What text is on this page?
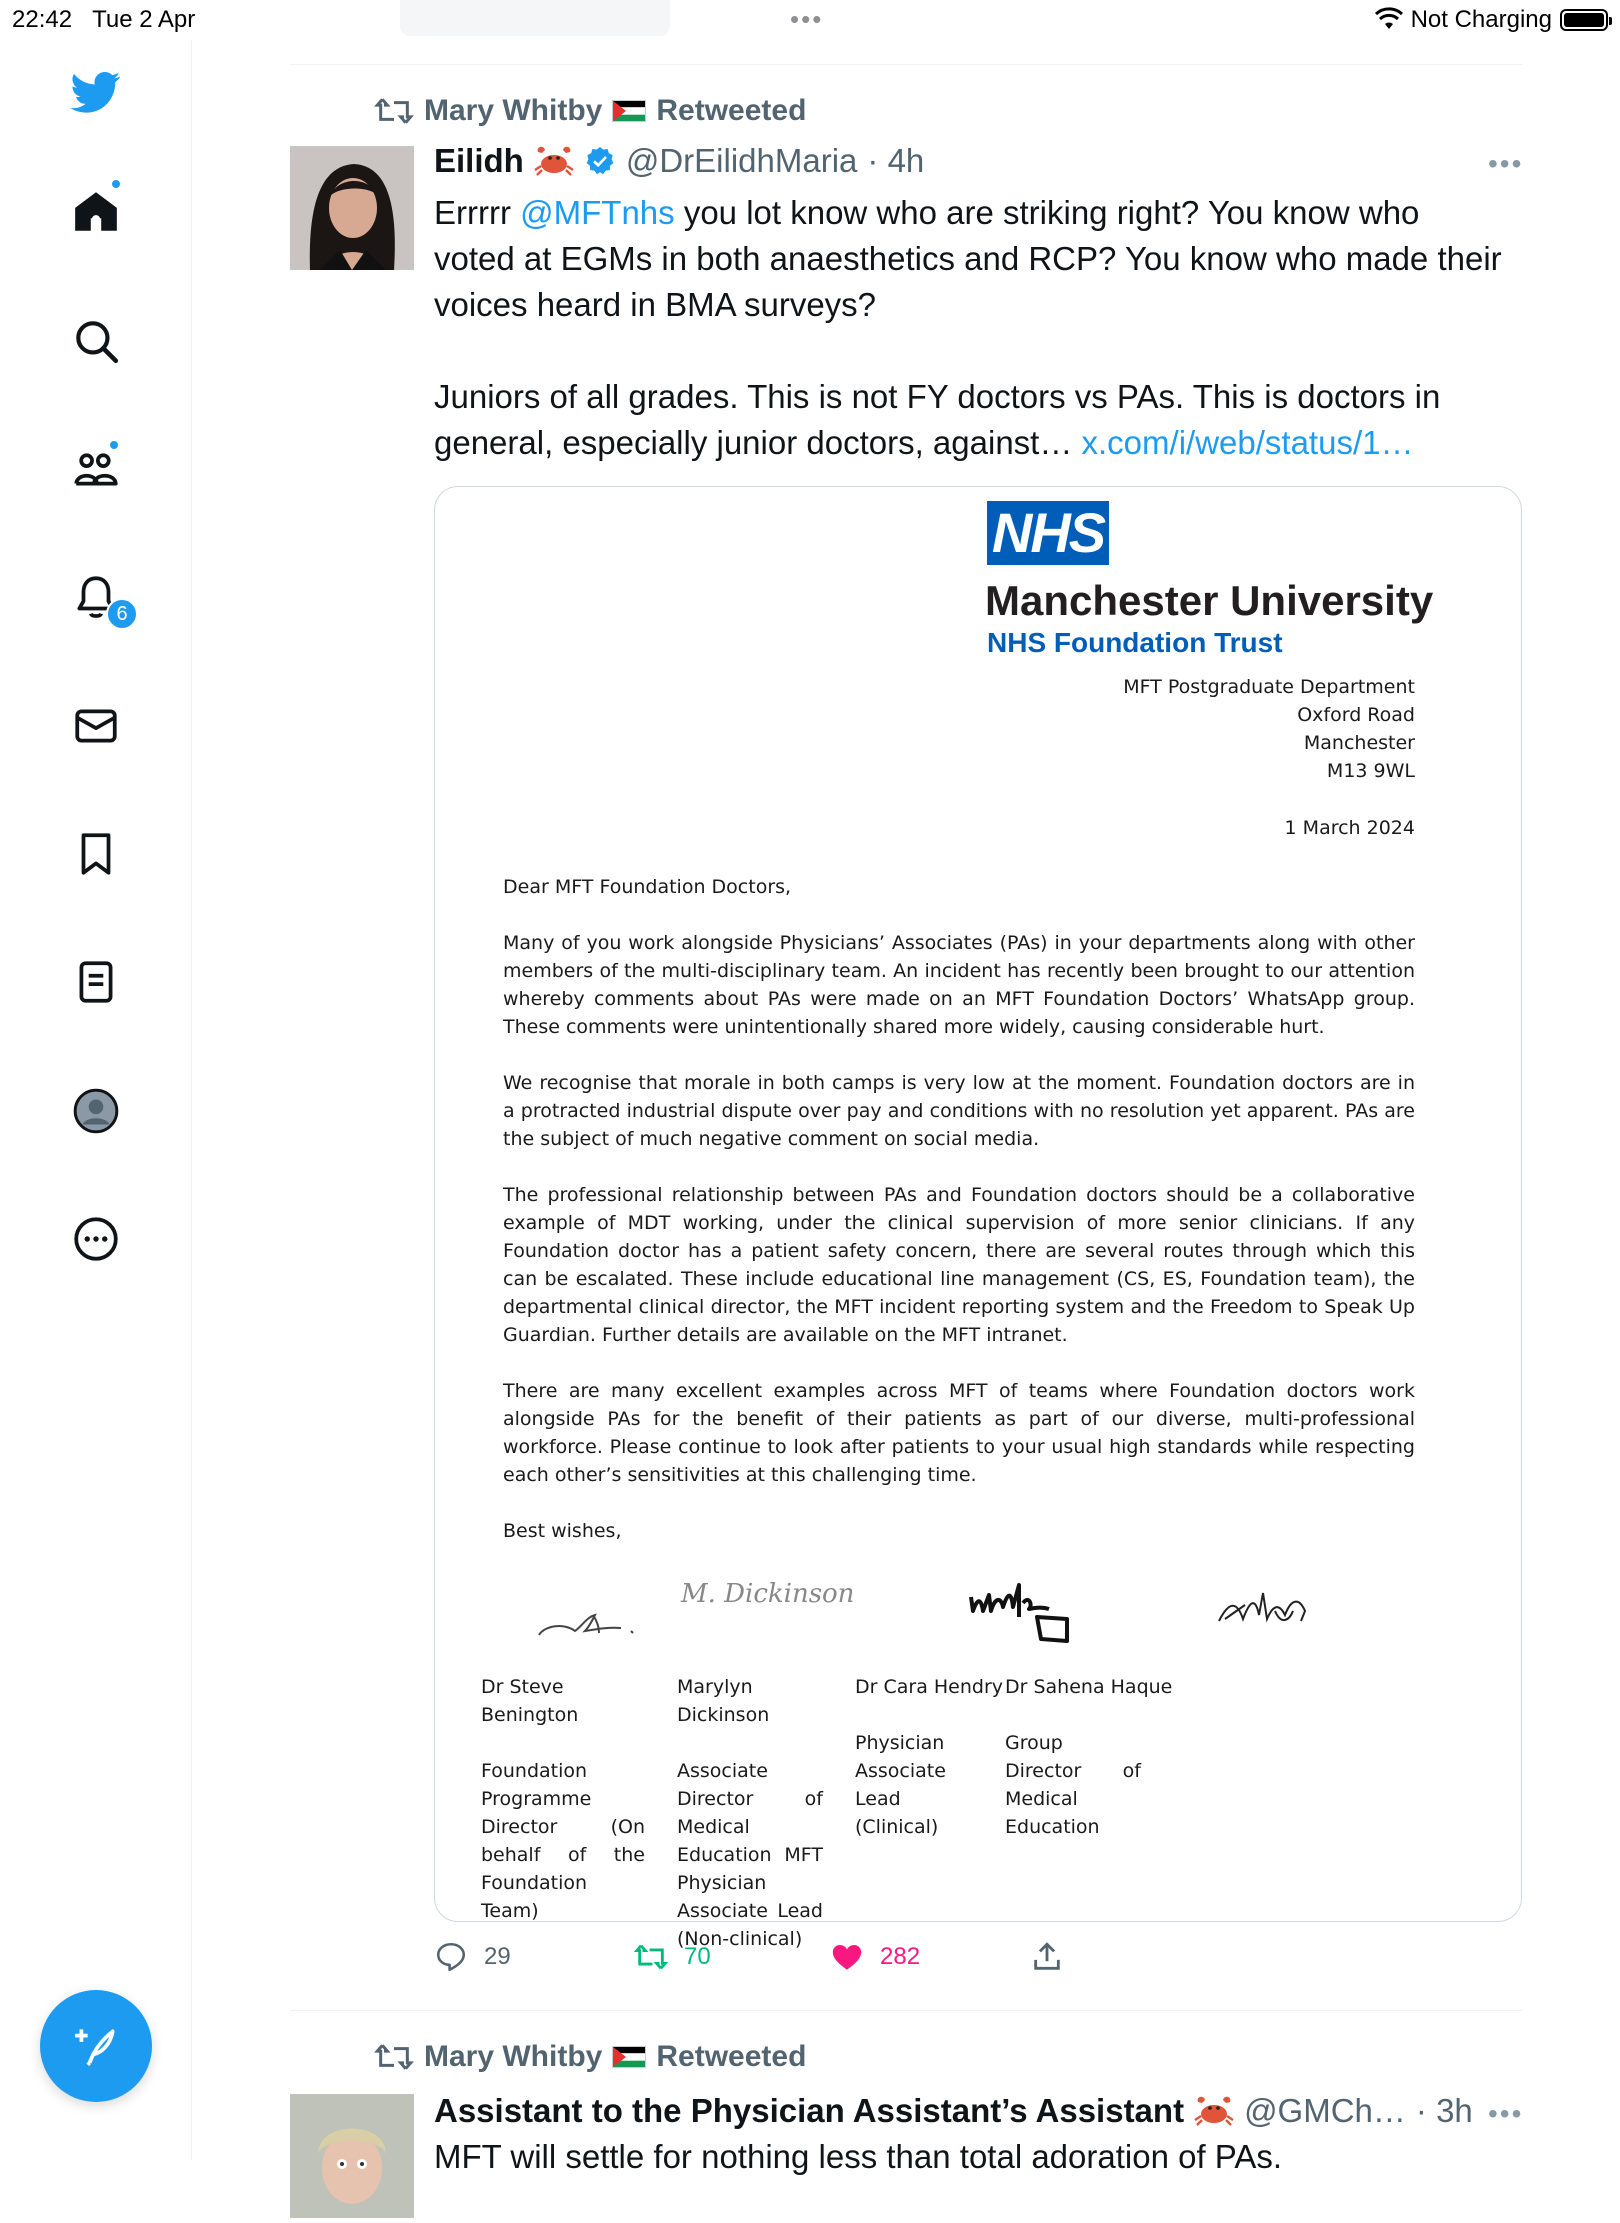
22:42 Tue 2 Apr	•••	Not Charging
6
Mary Whitby Retweeted
Eilidh	@DrEilidhMaria · 4h	•••

Errrrr @MFTnhs you lot know who are striking right? You know who voted at EGMs in both anaesthetics and RCP? You know who made their voices heard in BMA surveys?

Juniors of all grades. This is not FY doctors vs PAs. This is doctors in general, especially junior doctors, against… x.com/i/web/status/1…

NHS
Manchester University
NHS Foundation Trust
MFT Postgraduate Department
Oxford Road
Manchester
M13 9WL
1 March 2024

Dear MFT Foundation Doctors,

Many of you work alongside Physicians’ Associates (PAs) in your departments along with other members of the multi-disciplinary team. An incident has recently been brought to our attention whereby comments about PAs were made on an MFT Foundation Doctors’ WhatsApp group. These comments were unintentionally shared more widely, causing considerable hurt.

We recognise that morale in both camps is very low at the moment. Foundation doctors are in a protracted industrial dispute over pay and conditions with no resolution yet apparent. PAs are the subject of much negative comment on social media.

The professional relationship between PAs and Foundation doctors should be a collaborative example of MDT working, under the clinical supervision of more senior clinicians. If any Foundation doctor has a patient safety concern, there are several routes through which this can be escalated. These include educational line management (CS, ES, Foundation team), the departmental clinical director, the MFT incident reporting system and the Freedom to Speak Up Guardian. Further details are available on the MFT intranet.

There are many excellent examples across MFT of teams where Foundation doctors work alongside PAs for the benefit of their patients as part of our diverse, multi-professional workforce. Please continue to look after patients to your usual high standards while respecting each other’s sensitivities at this challenging time.

Best wishes,

M. Dickinson
Dr Steve Benington
Foundation Programme Director (On behalf of the Foundation Team)
Marylyn Dickinson
Associate Director of Medical Education MFT Physician Associate Lead (Non-clinical)
Dr Cara Hendry
Physician Associate Lead (Clinical)
Dr Sahena Haque
Group Director of Medical Education
29	70	282
Mary Whitby Retweeted
Assistant to the Physician Assistant’s Assistant @GMCh… · 3h •••
MFT will settle for nothing less than total adoration of PAs.
